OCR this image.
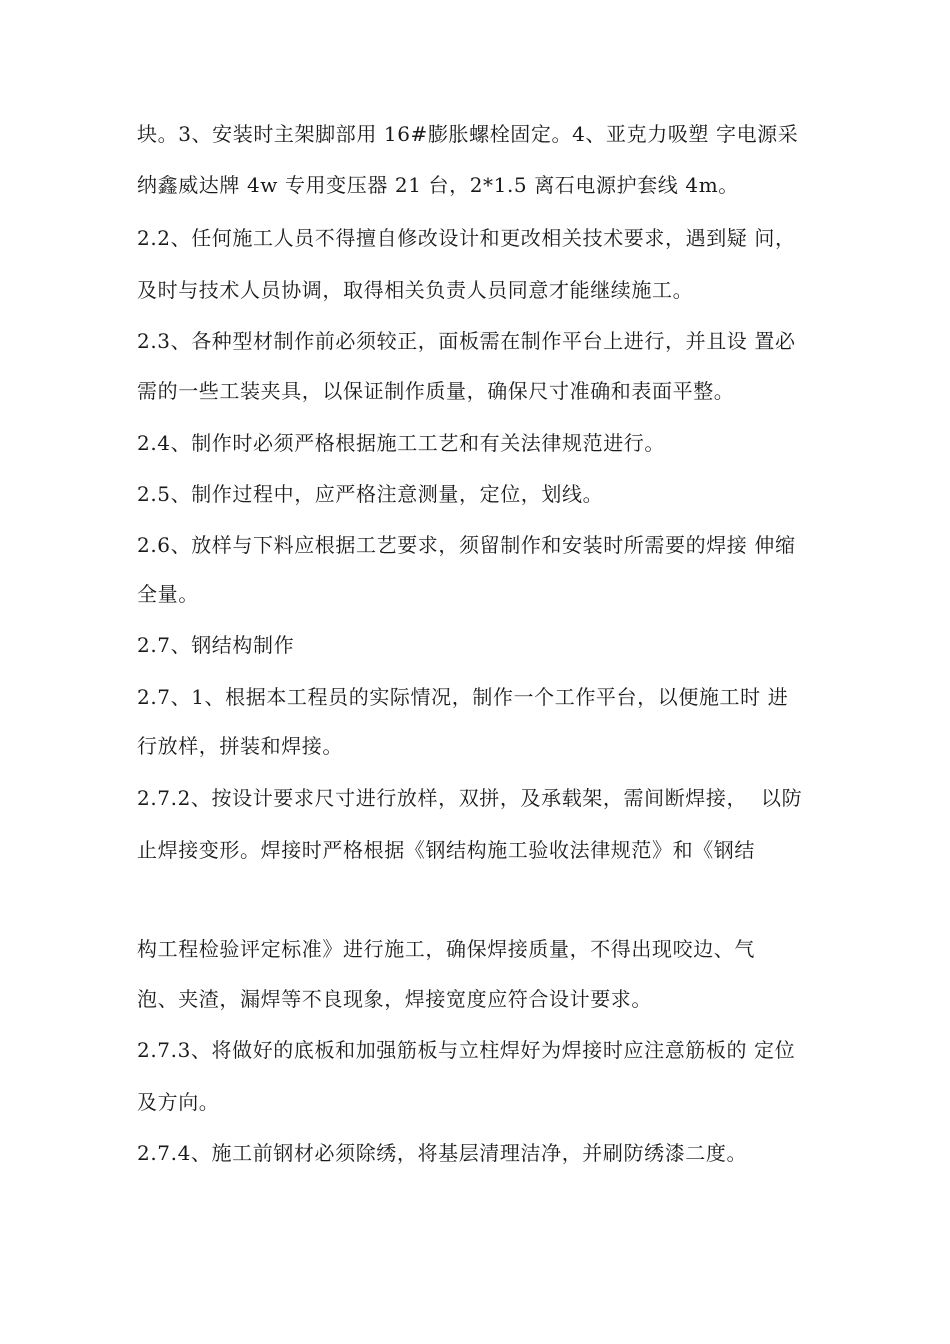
块。3、安装时主架脚部用 16#膨胀螺栓固定。4、亚克力吸塑 字电源采
纳鑫威达牌 4w 专用变压器 21 台，2*1.5 离石电源护套线 4m。
2.2、任何施工人员不得擅自修改设计和更改相关技术要求，遇到疑 问，
及时与技术人员协调，取得相关负责人员同意才能继续施工。
2.3、各种型材制作前必须较正，面板需在制作平台上进行，并且设 置必
需的一些工装夹具，以保证制作质量，确保尺寸准确和表面平整。
2.4、制作时必须严格根据施工工艺和有关法律规范进行。
2.5、制作过程中，应严格注意测量，定位，划线。
2.6、放样与下料应根据工艺要求，须留制作和安装时所需要的焊接 伸缩
全量。
2.7、钢结构制作
2.7、1、根据本工程员的实际情况，制作一个工作平台，以便施工时 进
行放样，拼装和焊接。
2.7.2、按设计要求尺寸进行放样，双拼，及承载架，需间断焊接，  以防
止焊接变形。焊接时严格根据《钢结构施工验收法律规范》和《钢结
构工程检验评定标准》进行施工，确保焊接质量，不得出现咬边、气
泡、夹渣，漏焊等不良现象，焊接宽度应符合设计要求。
2.7.3、将做好的底板和加强筋板与立柱焊好为焊接时应注意筋板的 定位
及方向。
2.7.4、施工前钢材必须除绣，将基层清理洁净，并刷防绣漆二度。
